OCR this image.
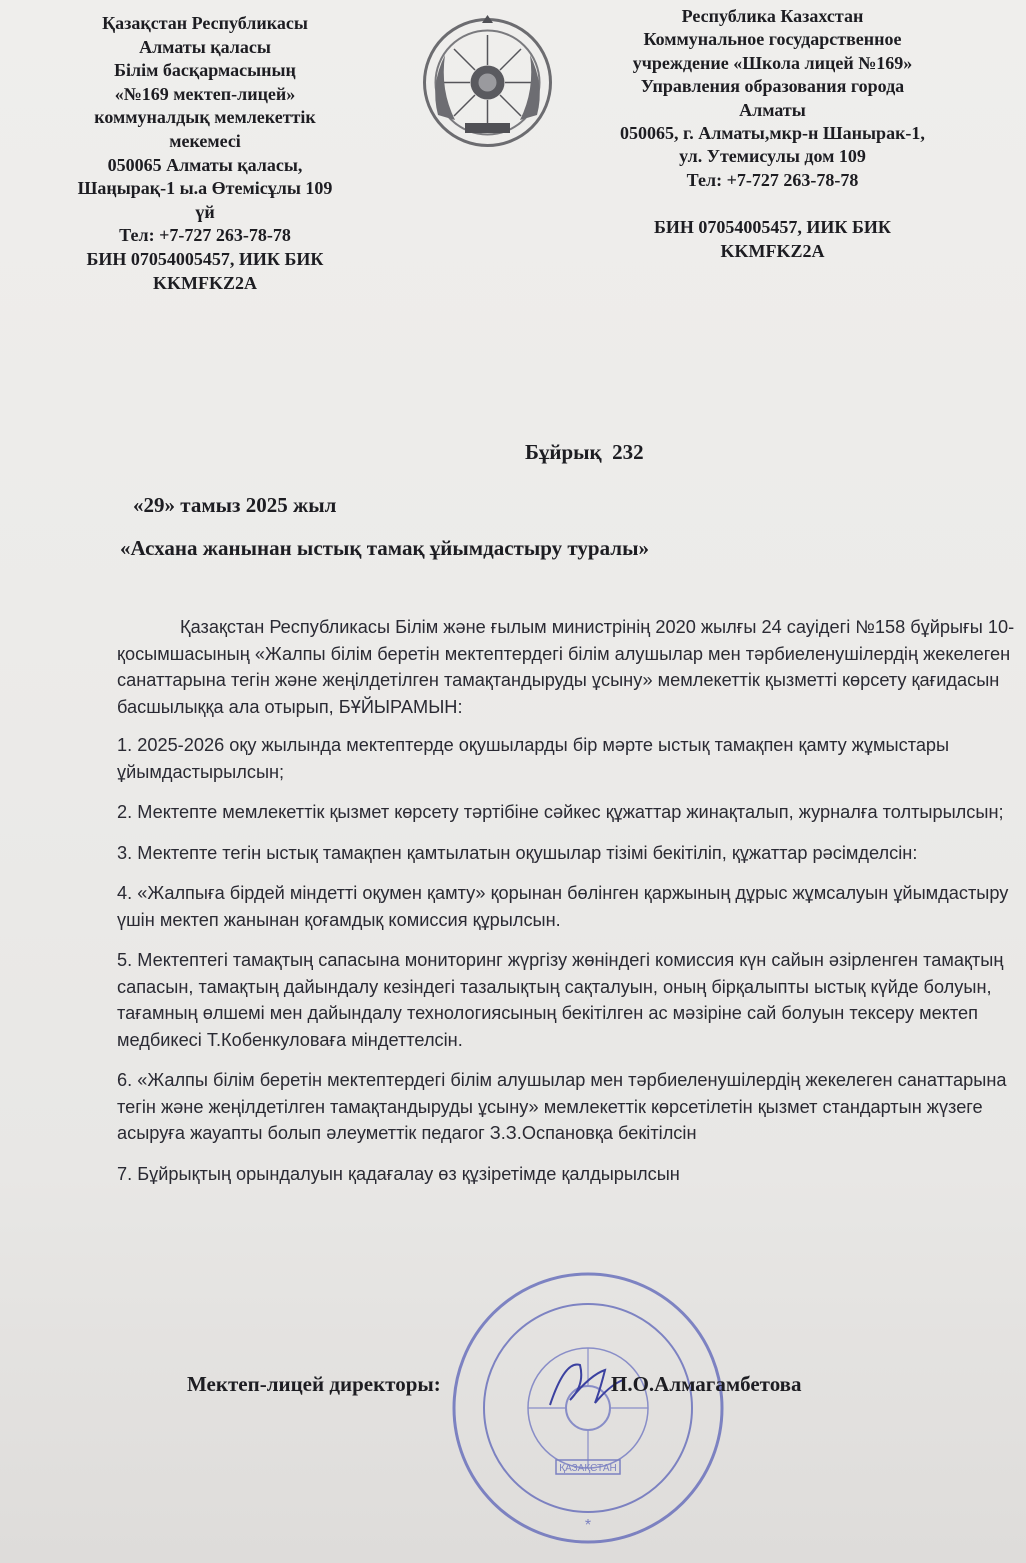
Қазақстан Республикасы
Алматы қаласы
Білім басқармасының
«№169 мектеп-лицей»
коммуналдық мемлекеттік
мекемесі
050065 Алматы қаласы,
Шаңырақ-1 ы.а Өтемісұлы 109
үй
Тел: +7-727 263-78-78
БИН 07054005457, ИИК БИК
KKMFKZ2A
Республика Казахстан
Коммунальное государственное
учреждение «Школа лицей №169»
Управления образования города
Алматы
050065, г. Алматы,мкр-н Шанырак-1,
ул. Утемисулы дом 109
Тел: +7-727 263-78-78
БИН 07054005457, ИИК БИК
KKMFKZ2A
Бұйрық  232
«29» тамыз 2025 жыл
«Асхана жанынан ыстық тамақ ұйымдастыру туралы»

Қазақстан Республикасы Білім және ғылым министрінің 2020 жылғы 24 сауідегі №158 бұйрығы 10-қосымшасының «Жалпы білім беретін мектептердегі білім алушылар мен тәрбиеленушілердің жекелеген санаттарына тегін және жеңілдетілген тамақтандыруды ұсыну» мемлекеттік қызметті көрсету қағидасын басшылыққа ала отырып, БҰЙЫРАМЫН:

1. 2025-2026 оқу жылында мектептерде оқушыларды бір мәрте ыстық тамақпен қамту жұмыстары ұйымдастырылсын;

2. Мектепте мемлекеттік қызмет көрсету тәртібіне сәйкес құжаттар жинақталып, журналға толтырылсын;

3. Мектепте тегін ыстық тамақпен қамтылатын оқушылар тізімі бекітіліп, құжаттар рәсімделсін:

4. «Жалпыға бірдей міндетті оқумен қамту» қорынан бөлінген қаржының дұрыс жұмсалуын ұйымдастыру үшін мектеп жанынан қоғамдық комиссия құрылсын.

5. Мектептегі тамақтың сапасына мониторинг жүргізу жөніндегі комиссия күн сайын әзірленген тамақтың сапасын, тамақтың дайындалу кезіндегі тазалықтың сақталуын, оның бірқалыпты ыстық күйде болуын, тағамның өлшемі мен дайындалу технологиясының бекітілген ас мәзіріне сай болуын тексеру мектеп медбикесі Т.Кобенкуловаға міндеттелсін.

6. «Жалпы білім беретін мектептердегі білім алушылар мен тәрбиеленушілердің жекелеген санаттарына тегін және жеңілдетілген тамақтандыруды ұсыну» мемлекеттік көрсетілетін қызмет стандартын жүзеге асыруға жауапты болып әлеуметтік педагог З.З.Оспановқа бекітілсін

7. Бұйрықтың орындалуын қадағалау өз құзіретімде қалдырылсын

ҚАЗАҚСТАН
*
Мектеп-лицей директоры:	П.О.Алмагамбетова
